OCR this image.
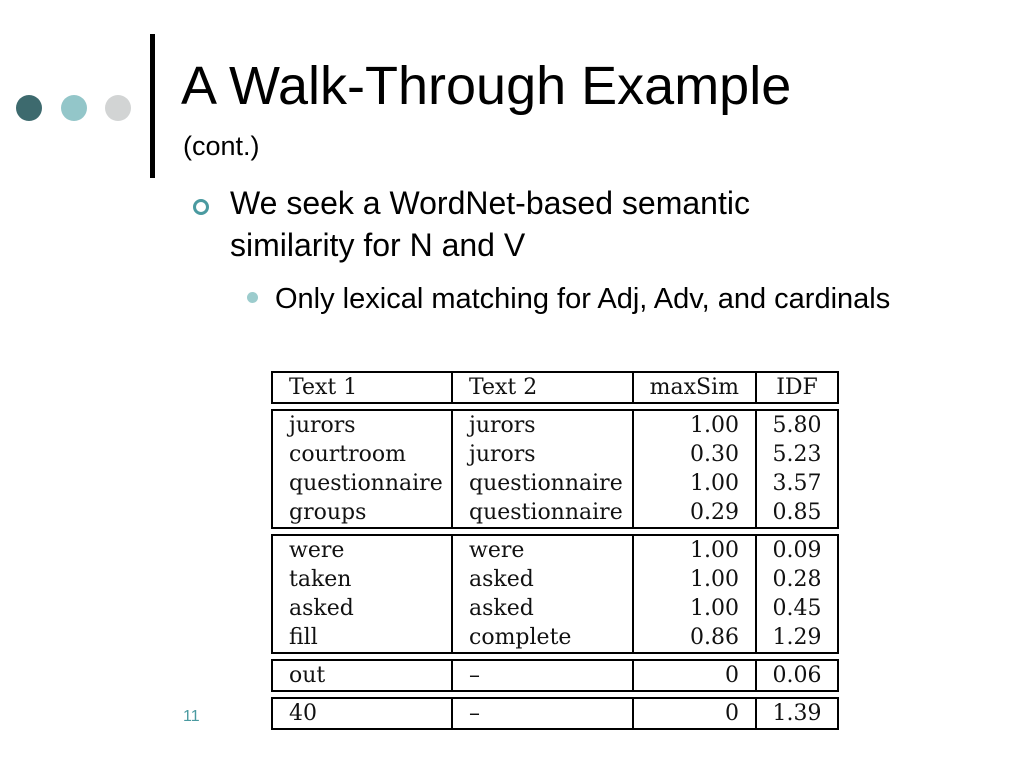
A Walk-Through Example
(cont.)
We seek a WordNet-based semantic similarity for N and V
Only lexical matching for Adj, Adv, and cardinals
Text 1	Text 2	maxSim	IDF
jurors	jurors	1.00	5.80
courtroom	jurors	0.30	5.23
questionnaire	questionnaire	1.00	3.57
groups	questionnaire	0.29	0.85
were	were	1.00	0.09
taken	asked	1.00	0.28
asked	asked	1.00	0.45
fill	complete	0.86	1.29
out	–	0	0.06
40	–	0	1.39
11
